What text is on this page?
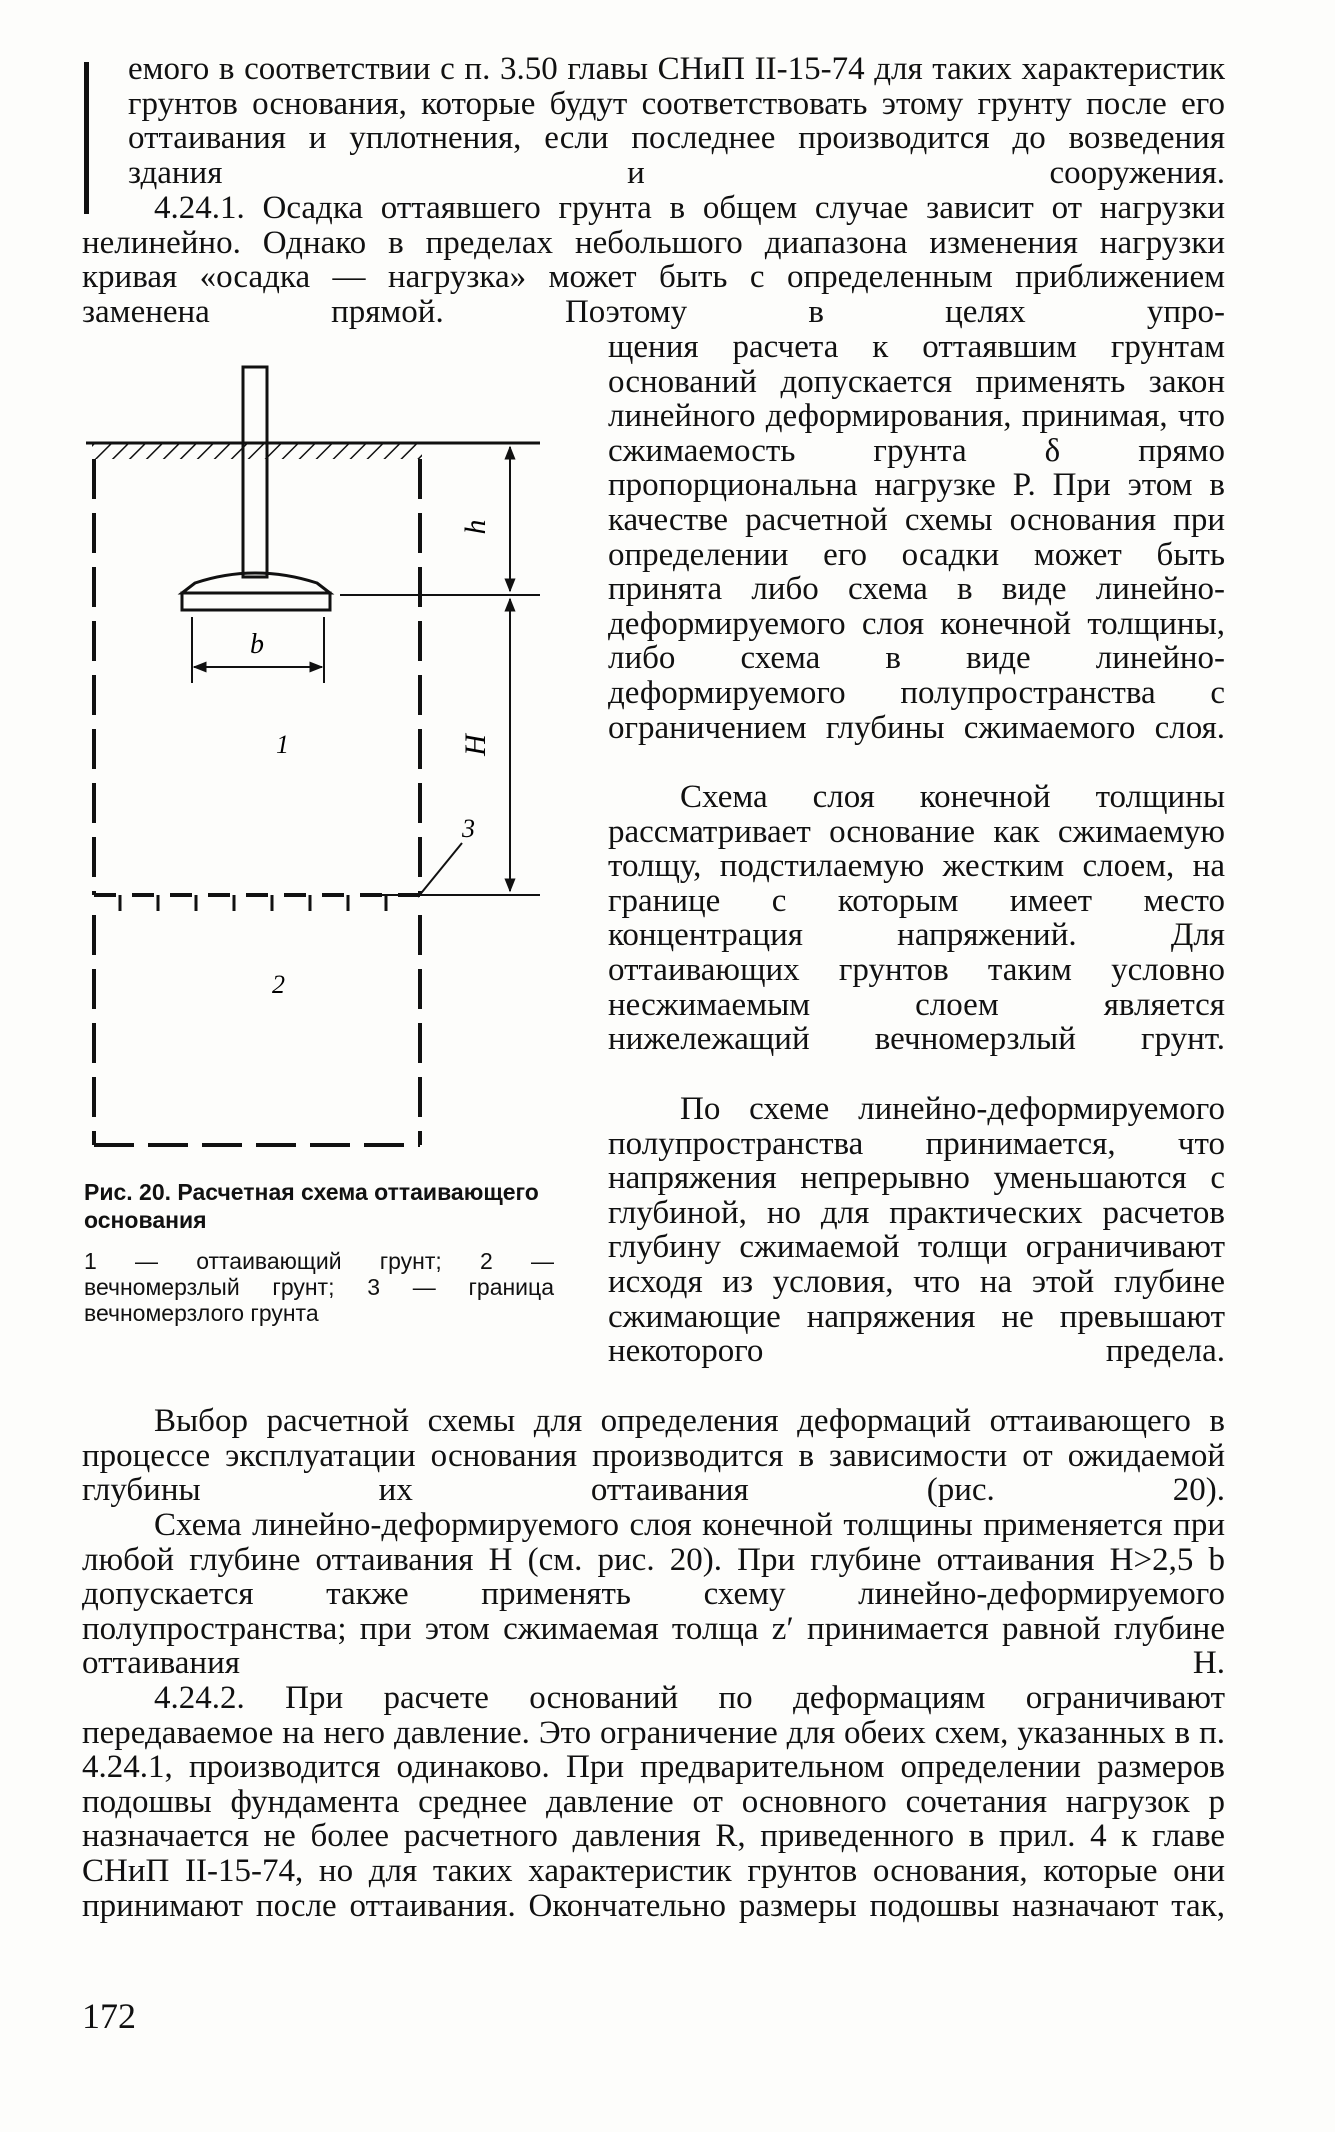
емого в соответствии с п. 3.50 главы СНиП II-15-74 для таких характеристик грунтов основания, которые будут соответствовать этому грунту после его оттаивания и уплотнения, если последнее производится до возведения здания и сооружения.

4.24.1. Осадка оттаявшего грунта в общем случае зависит от нагрузки нелинейно. Однако в пределах небольшого диапазона изменения нагрузки кривая «осадка — нагрузка» может быть с определенным приближением заменена прямой. Поэтому в целях упро-

щения расчета к оттаявшим грунтам оснований допускается применять закон линейного деформирования, принимая, что сжимаемость грунта δ прямо пропорциональна нагрузке P. При этом в качестве расчетной схемы основания при определении его осадки может быть принята либо схема в виде линейно-деформируемого слоя конечной толщины, либо схема в виде линейно-деформируемого полупространства с ограничением глубины сжимаемого слоя.

Схема слоя конечной толщины рассматривает основание как сжимаемую толщу, подстилаемую жестким слоем, на границе с которым имеет место концентрация напряжений. Для оттаивающих грунтов таким условно несжимаемым слоем является нижележащий вечномерзлый грунт.

По схеме линейно-деформируемого полупространства принимается, что напряжения непрерывно уменьшаются с глубиной, но для практических расчетов глубину сжимаемой толщи ограничивают исходя из условия, что на этой глубине сжимающие напряжения не превышают некоторого предела.

Выбор расчетной схемы для определения деформаций оттаивающего в процессе эксплуатации основания производится в зависимости от ожидаемой глубины их оттаивания (рис. 20).

Схема линейно-деформируемого слоя конечной толщины применяется при любой глубине оттаивания H (см. рис. 20). При глубине оттаивания H>2,5 b допускается также применять схему линейно-деформируемого полупространства; при этом сжимаемая толща z′ принимается равной глубине оттаивания H.

4.24.2. При расчете оснований по деформациям ограничивают передаваемое на него давление. Это ограничение для обеих схем, указанных в п. 4.24.1, производится одинаково. При предварительном определении размеров подошвы фундамента среднее давление от основного сочетания нагрузок p назначается не более расчетного давления R, приведенного в прил. 4 к главе СНиП II-15-74, но для таких характеристик грунтов основания, которые они принимают после оттаивания. Окончательно размеры подошвы назначают так,

b
h
H
1
2
3

Рис. 20. Расчетная схема оттаивающего основания

1 — оттаивающий грунт; 2 — вечномерзлый грунт; 3 — граница вечномерзлого грунта

172
